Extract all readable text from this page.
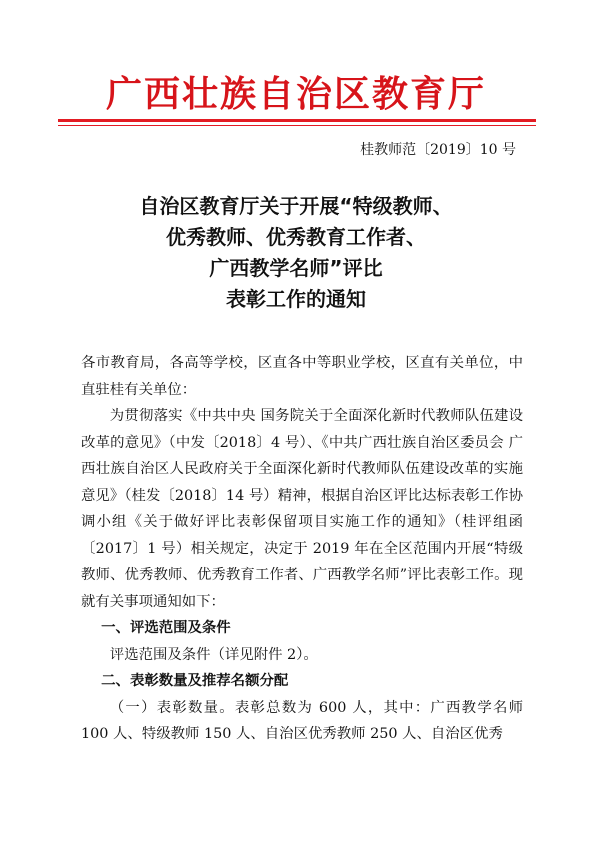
广西壮族自治区教育厅
桂教师范〔2019〕10 号
自治区教育厅关于开展“特级教师、
优秀教师、优秀教育工作者、
广西教学名师”评比
表彰工作的通知

各市教育局，各高等学校，区直各中等职业学校，区直有关单位，中直驻桂有关单位：

为贯彻落实《中共中央 国务院关于全面深化新时代教师队伍建设改革的意见》（中发〔2018〕4 号）、《中共广西壮族自治区委员会 广西壮族自治区人民政府关于全面深化新时代教师队伍建设改革的实施意见》（桂发〔2018〕14 号）精神，根据自治区评比达标表彰工作协调小组《关于做好评比表彰保留项目实施工作的通知》（桂评组函〔2017〕1 号）相关规定，决定于 2019 年在全区范围内开展“特级教师、优秀教师、优秀教育工作者、广西教学名师”评比表彰工作。现就有关事项通知如下：

一、评选范围及条件

评选范围及条件（详见附件 2）。

二、表彰数量及推荐名额分配

（一）表彰数量。表彰总数为 600 人，其中：广西教学名师 100 人、特级教师 150 人、自治区优秀教师 250 人、自治区优秀
